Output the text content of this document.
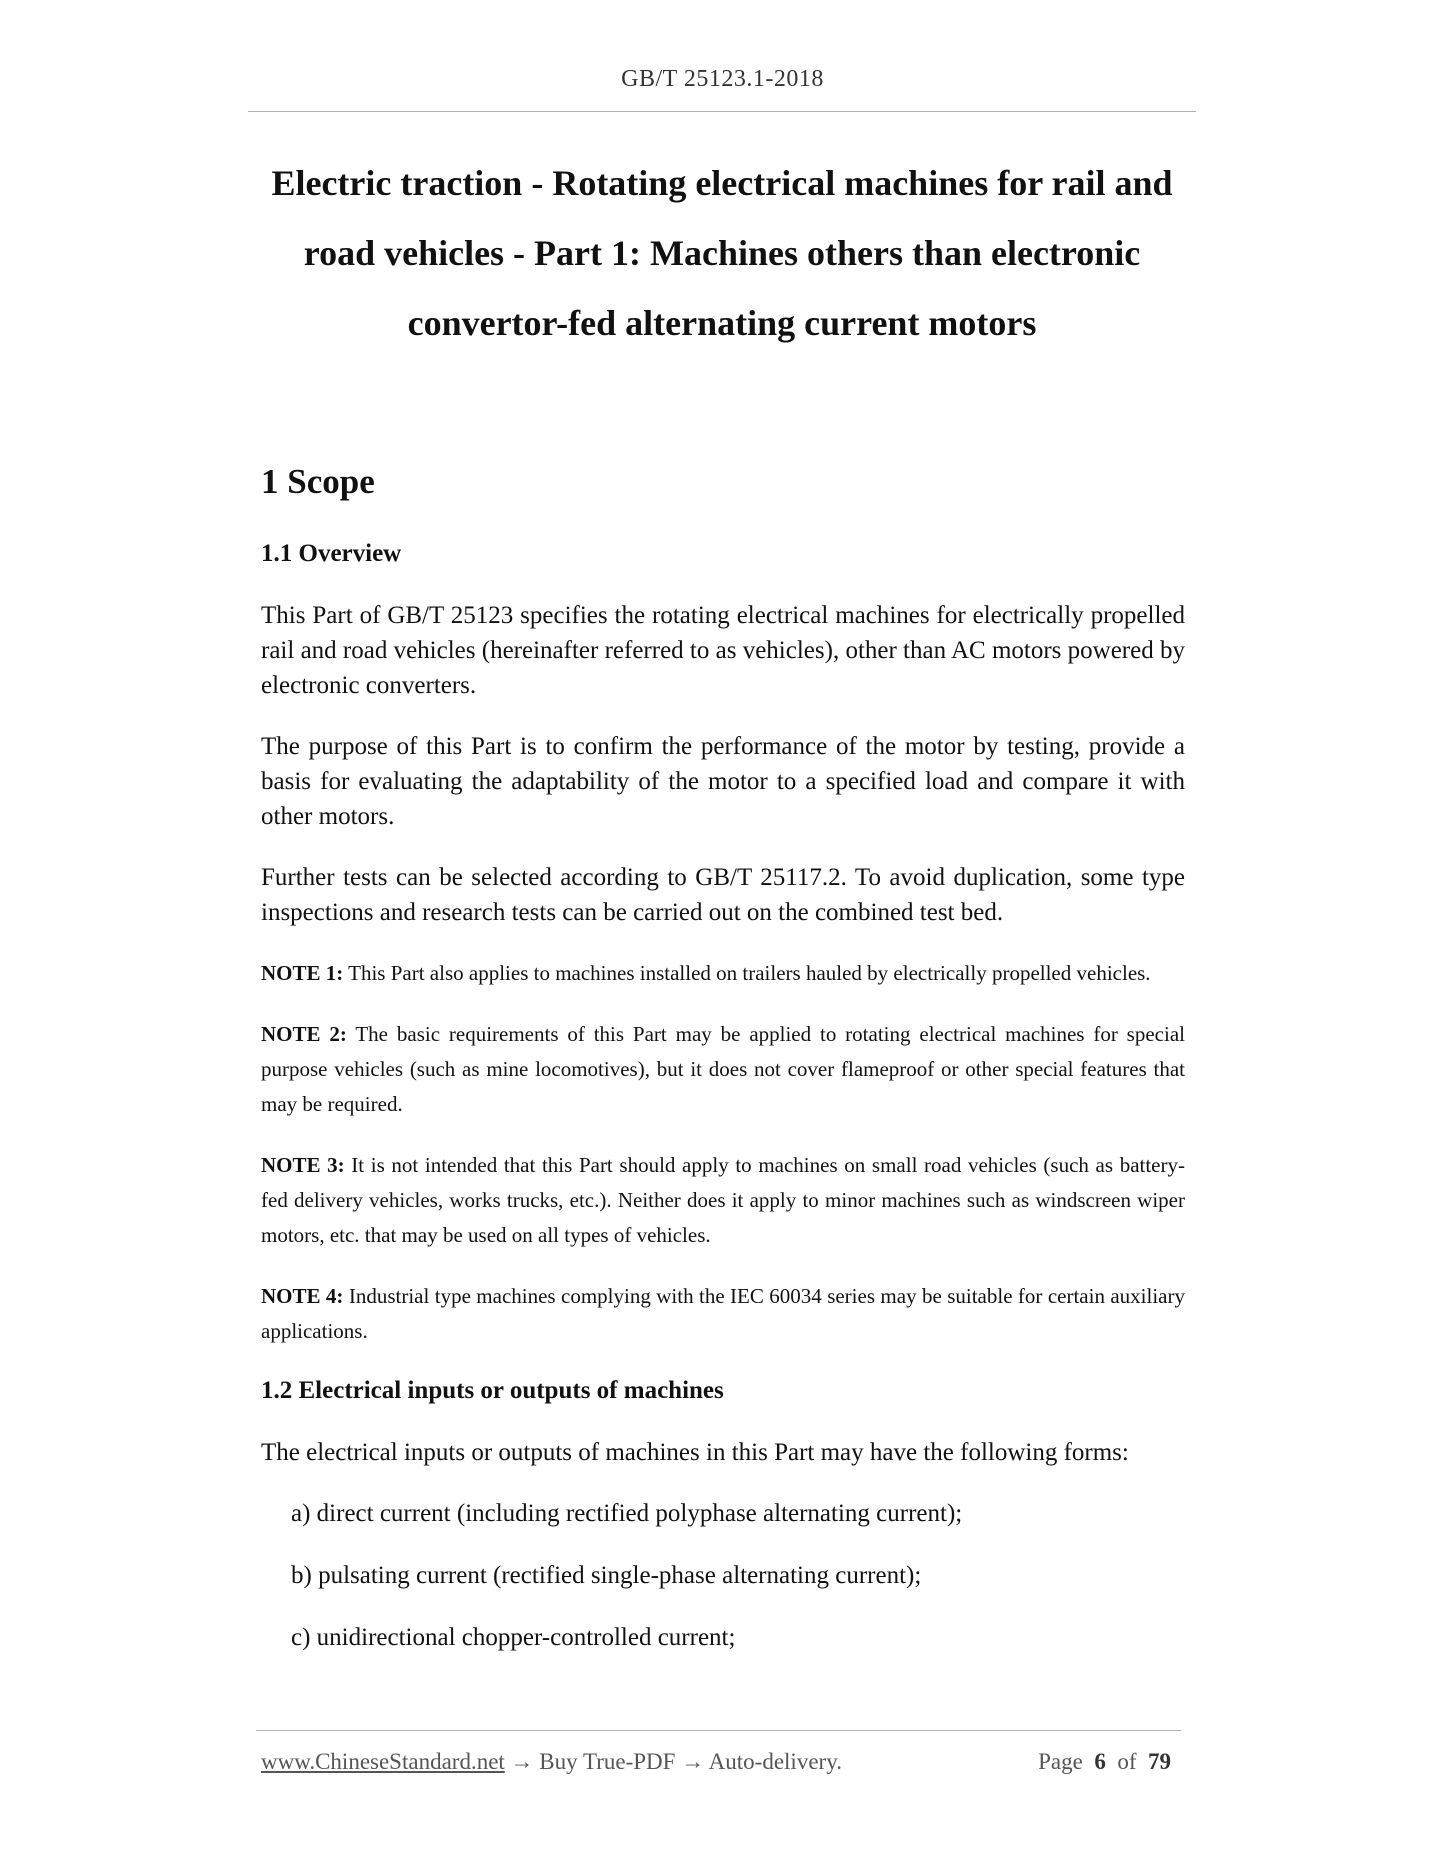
GB/T 25123.1-2018
Electric traction - Rotating electrical machines for rail and
road vehicles - Part 1: Machines others than electronic
convertor-fed alternating current motors
1 Scope
1.1 Overview

This Part of GB/T 25123 specifies the rotating electrical machines for electrically propelled rail and road vehicles (hereinafter referred to as vehicles), other than AC motors powered by electronic converters.

The purpose of this Part is to confirm the performance of the motor by testing, provide a basis for evaluating the adaptability of the motor to a specified load and compare it with other motors.

Further tests can be selected according to GB/T 25117.2. To avoid duplication, some type inspections and research tests can be carried out on the combined test bed.

NOTE 1: This Part also applies to machines installed on trailers hauled by electrically propelled vehicles.

NOTE 2: The basic requirements of this Part may be applied to rotating electrical machines for special purpose vehicles (such as mine locomotives), but it does not cover flameproof or other special features that may be required.

NOTE 3: It is not intended that this Part should apply to machines on small road vehicles (such as battery-fed delivery vehicles, works trucks, etc.). Neither does it apply to minor machines such as windscreen wiper motors, etc. that may be used on all types of vehicles.

NOTE 4: Industrial type machines complying with the IEC 60034 series may be suitable for certain auxiliary applications.

1.2 Electrical inputs or outputs of machines

The electrical inputs or outputs of machines in this Part may have the following forms:

a) direct current (including rectified polyphase alternating current);
b) pulsating current (rectified single-phase alternating current);
c) unidirectional chopper-controlled current;
www.ChineseStandard.net → Buy True-PDF → Auto-delivery.	Page 6 of 79
